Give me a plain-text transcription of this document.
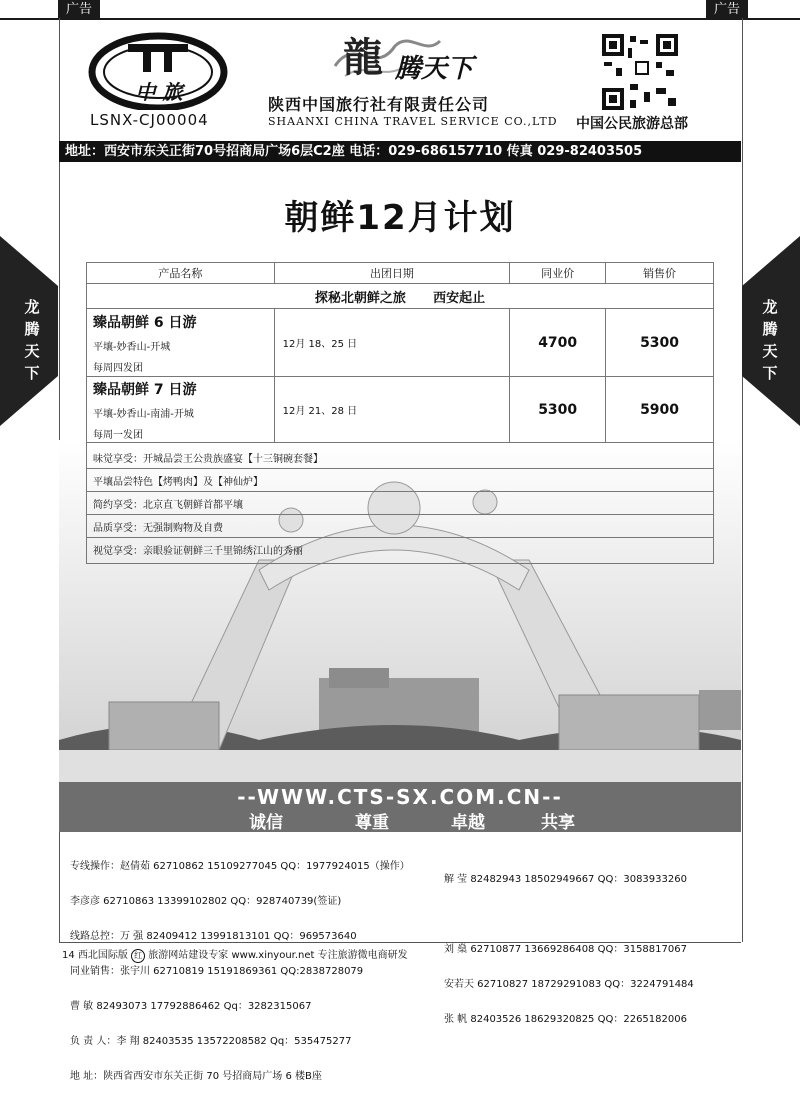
广告	广告
中 旅
LSNX-CJ00004
龍 腾天下
陕西中国旅行社有限责任公司
SHAANXI CHINA TRAVEL SERVICE CO.,LTD 中国公民旅游总部
地址：西安市东关正街70号招商局广场6层C2座 电话：029-686157710 传真 029-82403505
龙
腾
天
下
龙
腾
天
下
朝鲜12月计划
产品名称	出团日期	同业价	销售价
探秘北朝鲜之旅      西安起止			

臻品朝鲜 6 日游
平壤-妙香山-开城
每周四发团	12月 18、25 日	4700	5300

臻品朝鲜 7 日游
平壤-妙香山-南浦-开城
每周一发团	12月 21、28 日	5300	5900
味觉享受：开城品尝王公贵族盛宴【十三铜碗套餐】			
平壤品尝特色【烤鸭肉】及【神仙炉】			
简约享受：北京直飞朝鲜首都平壤			
品质享受：无强制购物及自费			
视觉享受：亲眼验证朝鲜三千里锦绣江山的秀丽			
--WWW.CTS-SX.COM.CN--
诚信	尊重	卓越	共享

专线操作：赵倩茹 62710862 15109277045 QQ：1977924015（操作）

李彦彦 62710863 13399102802 QQ：928740739(签证)

线路总控：万 强 82409412 13991813101 QQ：969573640

同业销售：张宇川 62710819 15191869361 QQ:2838728079

曹 敏 82493073 17792886462 Qq：3282315067

负 责 人：李 翔 82403535 13572208582 Qq：535475277

地 址：陕西省西安市东关正街 70 号招商局广场 6 楼B座

解 莹 82482943 18502949667 QQ：3083933260

刘 燊 62710877 13669286408 QQ：3158817067

安若天 62710827 18729291083 QQ：3224791484

张 帆 82403526 18629320825 QQ：2265182006

14 西北国际版 红 旅游网站建设专家 www.xinyour.net 专注旅游微电商研发
